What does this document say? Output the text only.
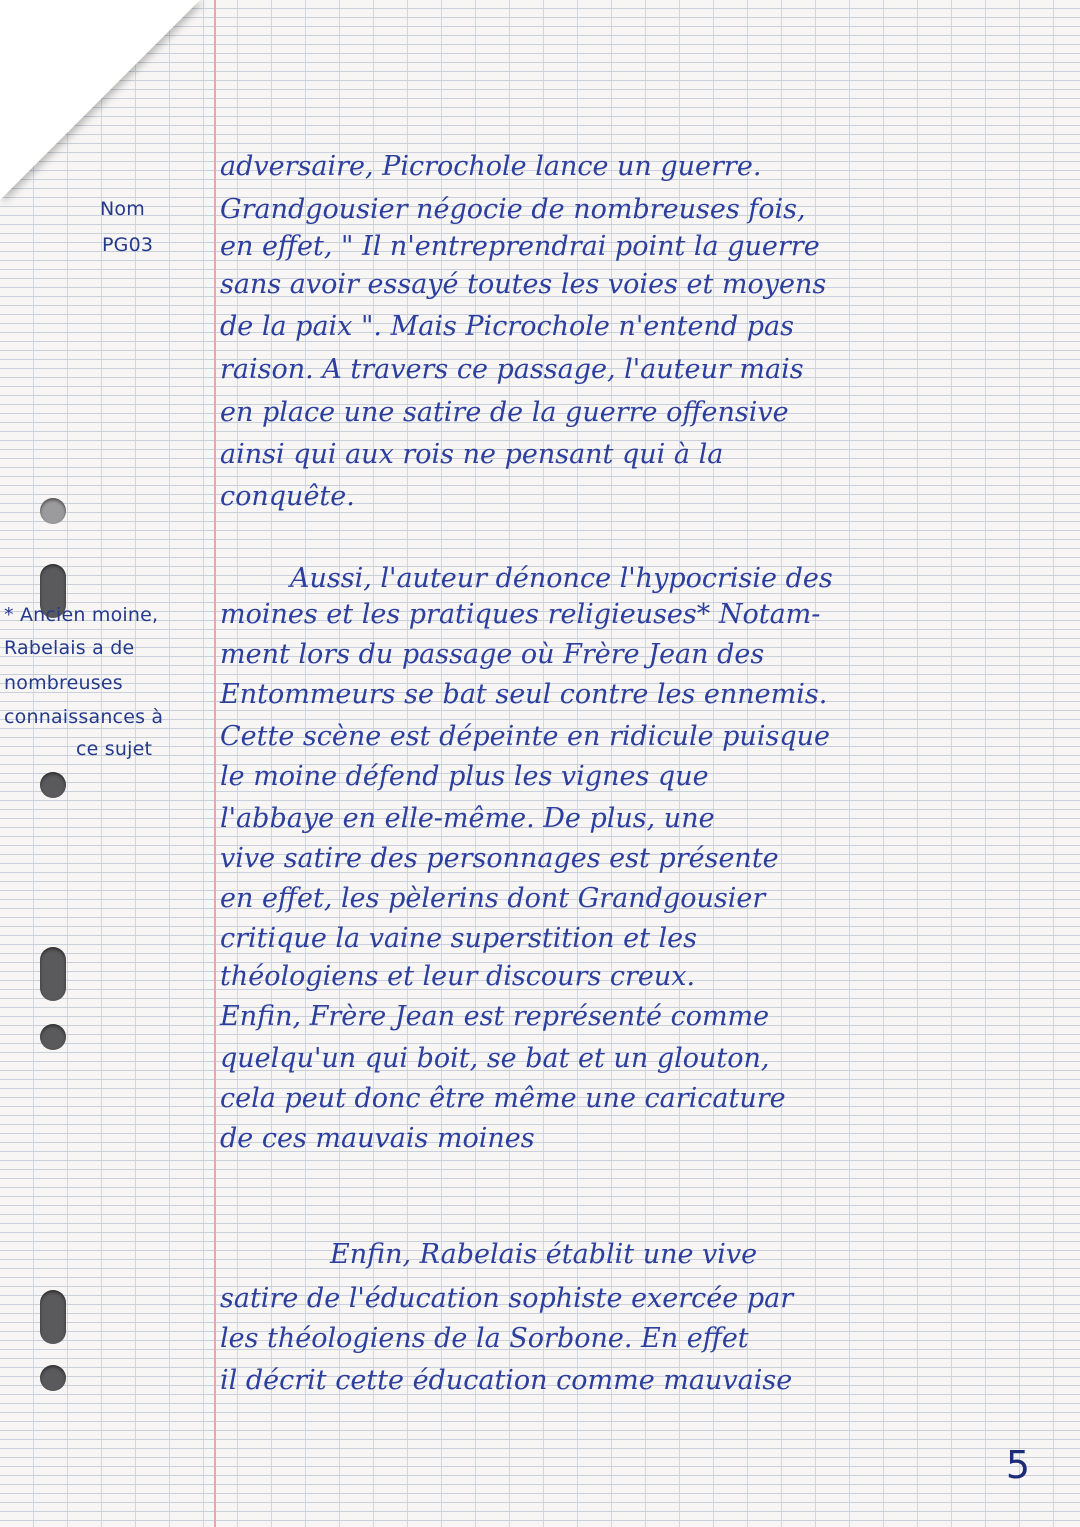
Nom
PG03
* Ancien moine,
Rabelais a de
nombreuses
connaissances à
ce sujet
adversaire, Picrochole lance un guerre.
Grandgousier négocie de nombreuses fois,
en effet, " Il n'entreprendrai point la guerre
sans avoir essayé toutes les voies et moyens
de la paix ". Mais Picrochole n'entend pas
raison. A travers ce passage, l'auteur mais
en place une satire de la guerre offensive
ainsi qui aux rois ne pensant qui à la
conquête.
Aussi, l'auteur dénonce l'hypocrisie des
moines et les pratiques religieuses* Notam-
ment lors du passage où Frère Jean des
Entommeurs se bat seul contre les ennemis.
Cette scène est dépeinte en ridicule puisque
le moine défend plus les vignes que
l'abbaye en elle-même. De plus, une
vive satire des personnages est présente
en effet, les pèlerins dont Grandgousier
critique la vaine superstition et les
théologiens et leur discours creux.
Enfin, Frère Jean est représenté comme
quelqu'un qui boit, se bat et un glouton,
cela peut donc être même une caricature
de ces mauvais moines
Enfin, Rabelais établit une vive
satire de l'éducation sophiste exercée par
les théologiens de la Sorbone. En effet
il décrit cette éducation comme mauvaise
5
